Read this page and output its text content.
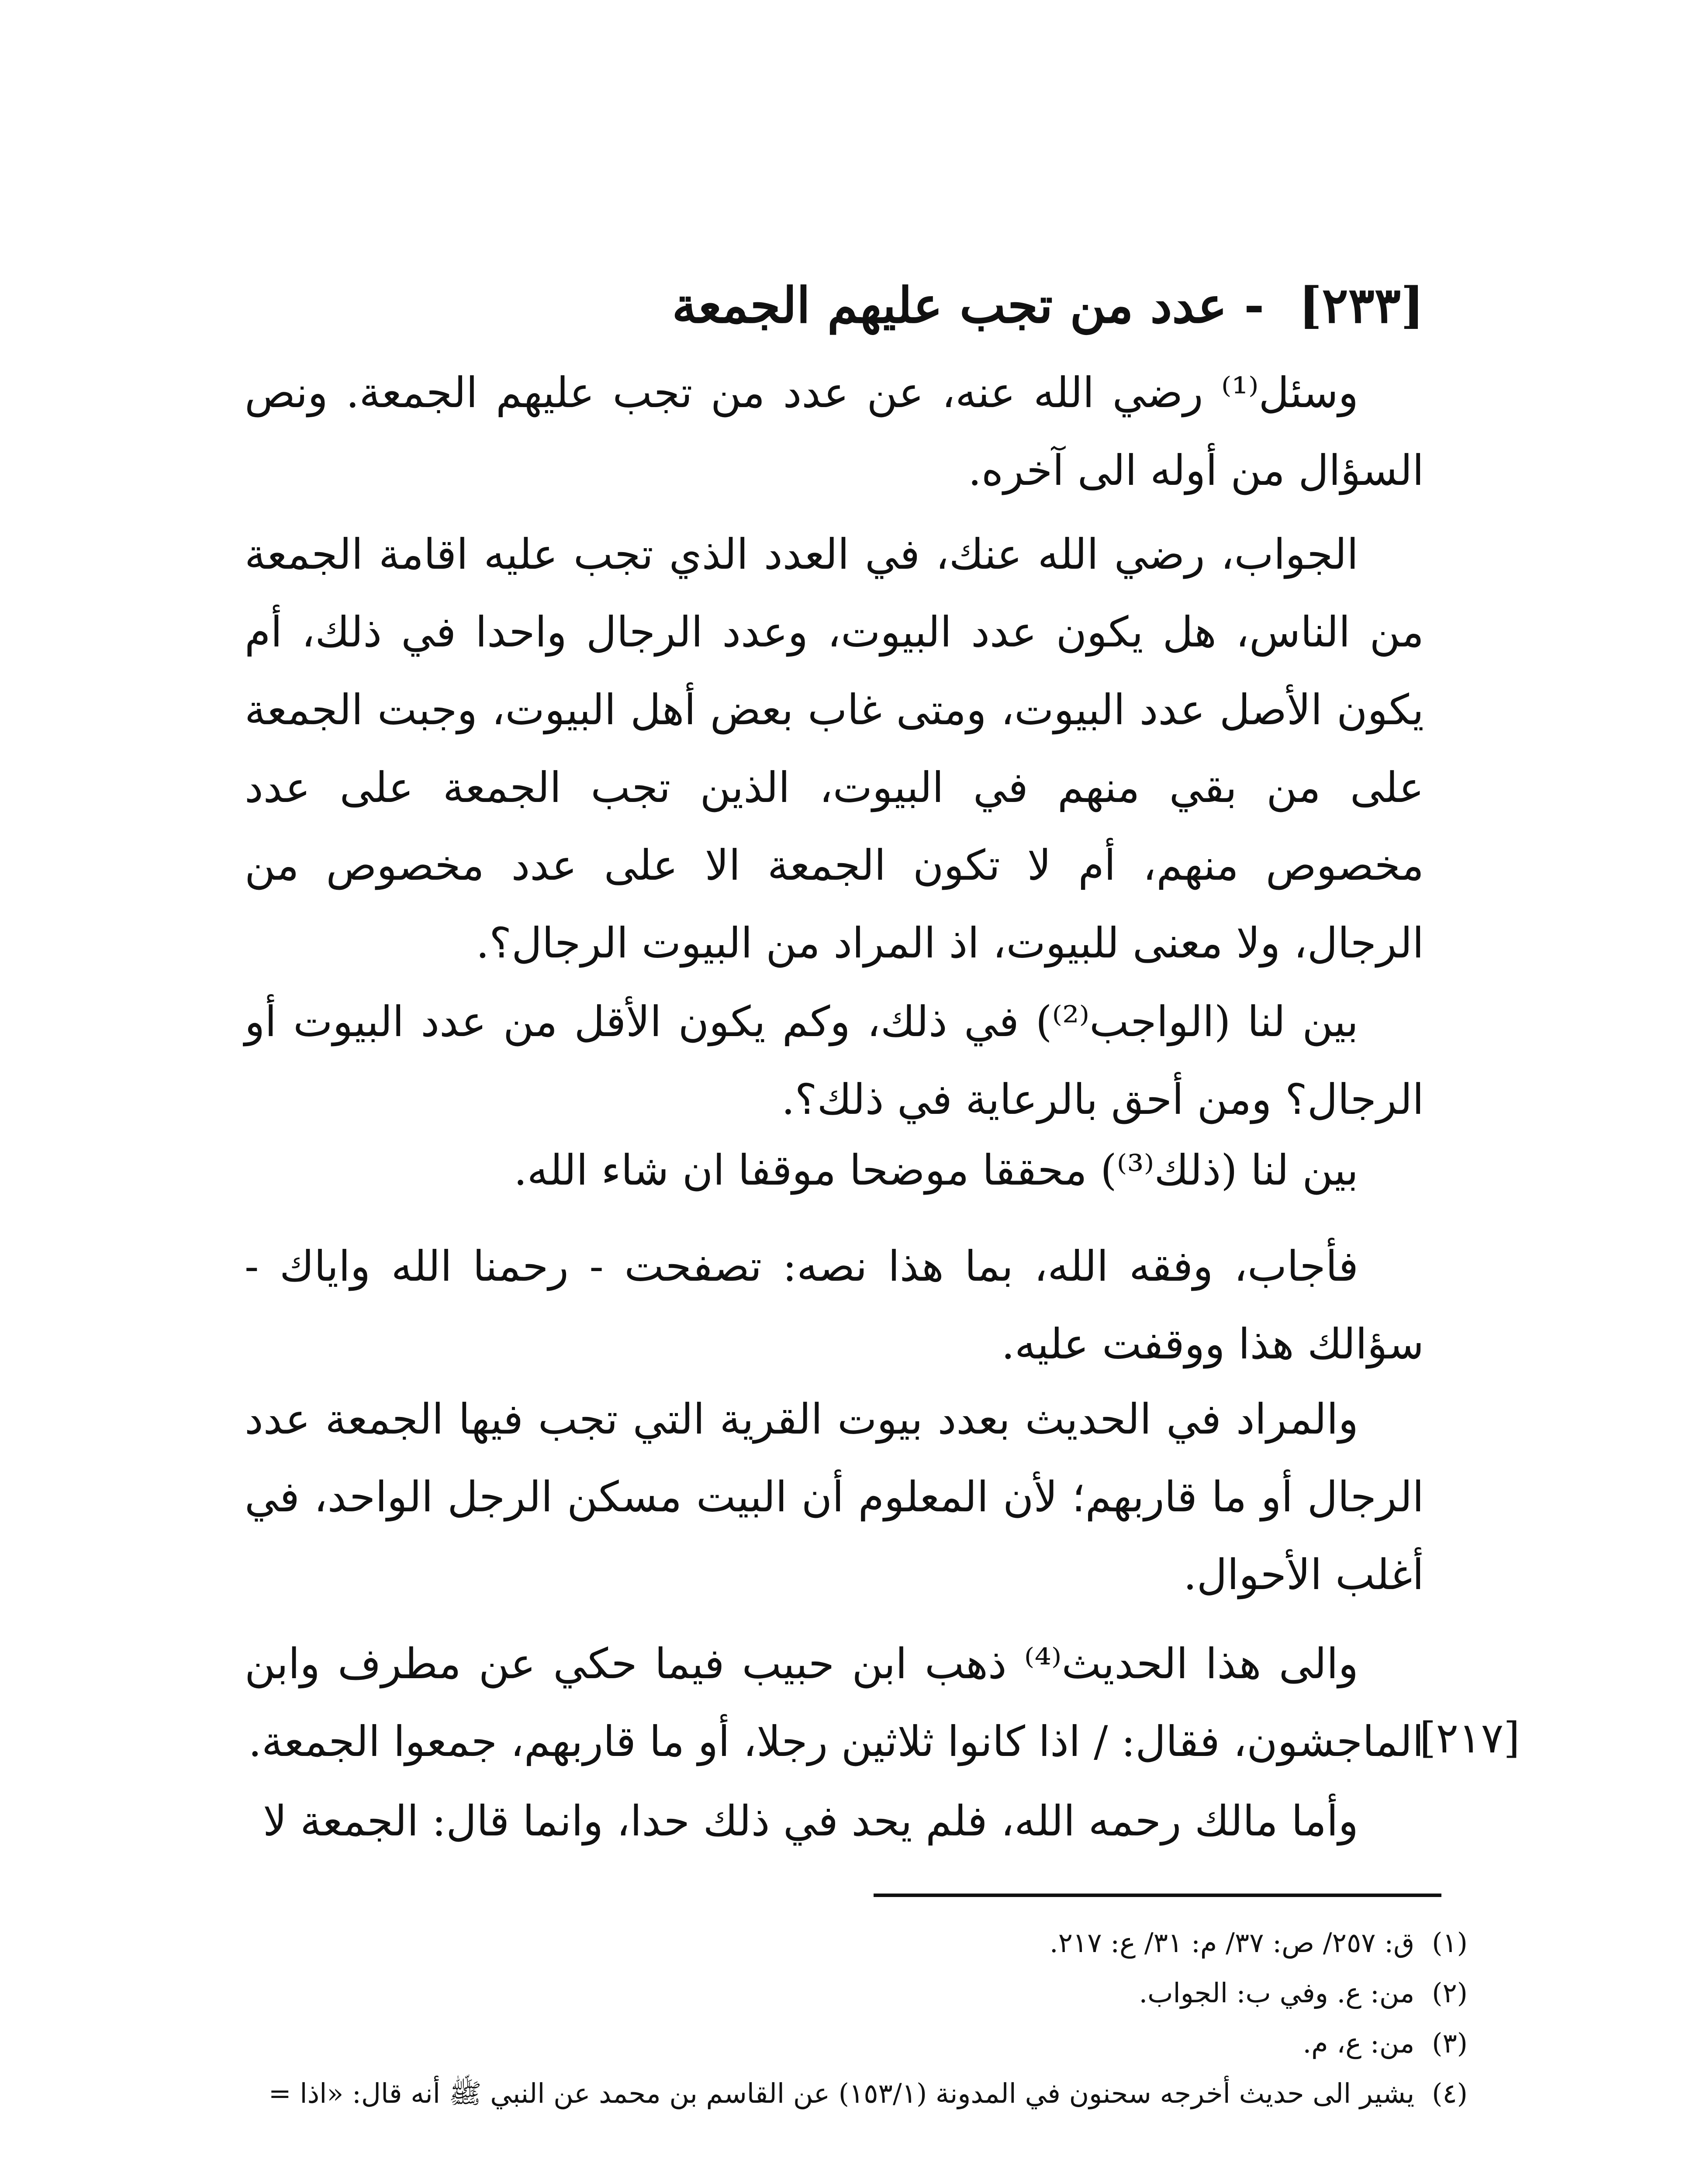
[٢٣٣] - عدد من تجب عليهم الجمعة
وسئل⁽¹⁾ رضي الله عنه، عن عدد من تجب عليهم الجمعة. ونص السؤال من أوله الى آخره.
الجواب، رضي الله عنك، في العدد الذي تجب عليه اقامة الجمعة من الناس، هل يكون عدد البيوت، وعدد الرجال واحدا في ذلك، أم يكون الأصل عدد البيوت، ومتى غاب بعض أهل البيوت، وجبت الجمعة على من بقي منهم في البيوت، الذين تجب الجمعة على عدد مخصوص منهم، أم لا تكون الجمعة الا على عدد مخصوص من الرجال، ولا معنى للبيوت، اذ المراد من البيوت الرجال؟.
بين لنا (الواجب⁽²⁾) في ذلك، وكم يكون الأقل من عدد البيوت أو الرجال؟ ومن أحق بالرعاية في ذلك؟.
بين لنا (ذلك⁽³⁾) محققا موضحا موقفا ان شاء الله.
فأجاب، وفقه الله، بما هذا نصه: تصفحت - رحمنا الله واياك - سؤالك هذا ووقفت عليه.
والمراد في الحديث بعدد بيوت القرية التي تجب فيها الجمعة عدد الرجال أو ما قاربهم؛ لأن المعلوم أن البيت مسكن الرجل الواحد، في أغلب الأحوال.
والى هذا الحديث⁽⁴⁾ ذهب ابن حبيب فيما حكي عن مطرف وابن الماجشون، فقال: / اذا كانوا ثلاثين رجلا، أو ما قاربهم، جمعوا الجمعة.
وأما مالك رحمه الله، فلم يحد في ذلك حدا، وانما قال: الجمعة لا
[٢١٧]
(١)ق: ٢٥٧/ ص: ٣٧/ م: ٣١/ ع: ٢١٧.
(٢)من: ع. وفي ب: الجواب.
(٣)من: ع، م.
(٤)يشير الى حديث أخرجه سحنون في المدونة (١٥٣/١) عن القاسم بن محمد عن النبي ﷺ أنه قال: «اذا =
